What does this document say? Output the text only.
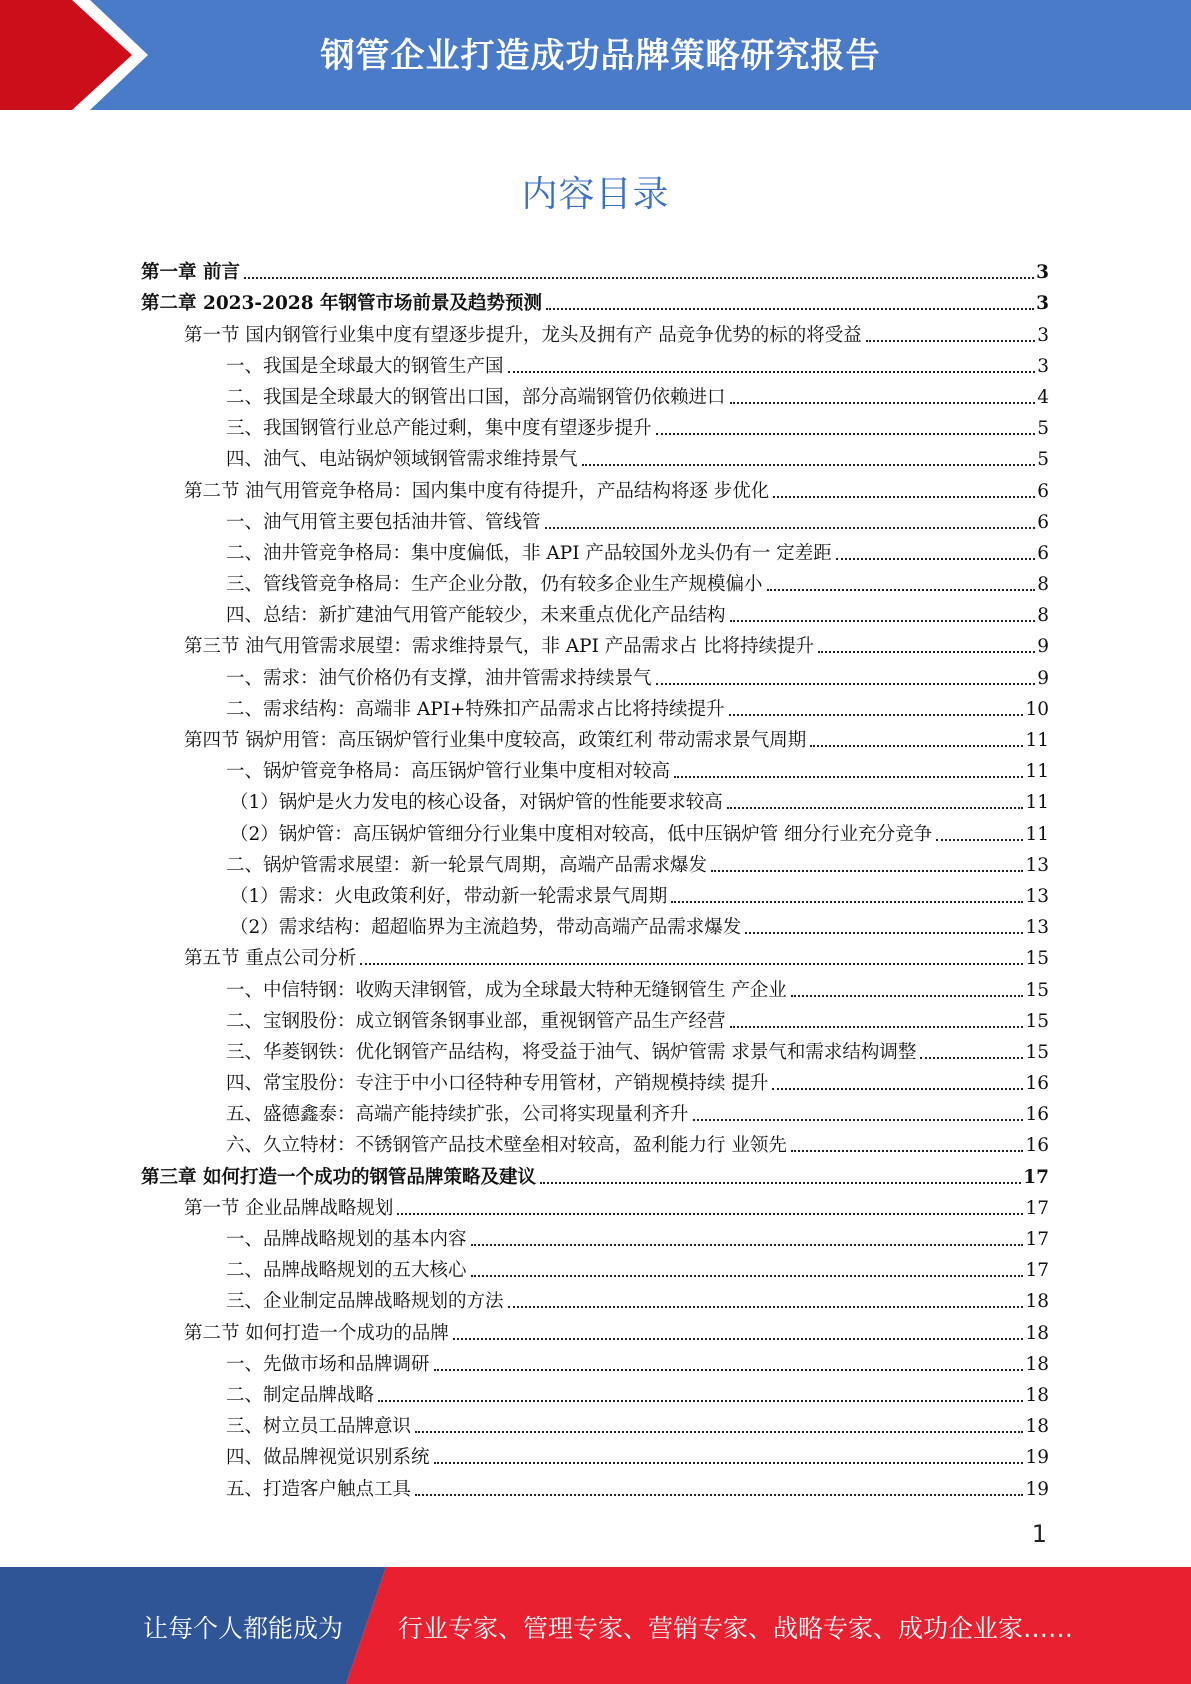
钢管企业打造成功品牌策略研究报告
内容目录
第一章 前言	3
第二章 2023-2028 年钢管市场前景及趋势预测	3
第一节 国内钢管行业集中度有望逐步提升，龙头及拥有产 品竞争优势的标的将受益	3
一、我国是全球最大的钢管生产国	3
二、我国是全球最大的钢管出口国，部分高端钢管仍依赖进口	4
三、我国钢管行业总产能过剩，集中度有望逐步提升	5
四、油气、电站锅炉领域钢管需求维持景气	5
第二节 油气用管竞争格局：国内集中度有待提升，产品结构将逐 步优化	6
一、油气用管主要包括油井管、管线管	6
二、油井管竞争格局：集中度偏低，非 API 产品较国外龙头仍有一 定差距	6
三、管线管竞争格局：生产企业分散，仍有较多企业生产规模偏小	8
四、总结：新扩建油气用管产能较少，未来重点优化产品结构	8
第三节 油气用管需求展望：需求维持景气，非 API 产品需求占 比将持续提升	9
一、需求：油气价格仍有支撑，油井管需求持续景气	9
二、需求结构：高端非 API+特殊扣产品需求占比将持续提升	10
第四节 锅炉用管：高压锅炉管行业集中度较高，政策红利 带动需求景气周期	11
一、锅炉管竞争格局：高压锅炉管行业集中度相对较高	11
（1）锅炉是火力发电的核心设备，对锅炉管的性能要求较高	11
（2）锅炉管：高压锅炉管细分行业集中度相对较高，低中压锅炉管 细分行业充分竞争	11
二、锅炉管需求展望：新一轮景气周期，高端产品需求爆发	13
（1）需求：火电政策利好，带动新一轮需求景气周期	13
（2）需求结构：超超临界为主流趋势，带动高端产品需求爆发	13
第五节 重点公司分析	15
一、中信特钢：收购天津钢管，成为全球最大特种无缝钢管生 产企业	15
二、宝钢股份：成立钢管条钢事业部，重视钢管产品生产经营	15
三、华菱钢铁：优化钢管产品结构，将受益于油气、锅炉管需 求景气和需求结构调整	15
四、常宝股份：专注于中小口径特种专用管材，产销规模持续 提升	16
五、盛德鑫泰：高端产能持续扩张，公司将实现量利齐升	16
六、久立特材：不锈钢管产品技术壁垒相对较高，盈利能力行 业领先	16
第三章 如何打造一个成功的钢管品牌策略及建议	17
第一节 企业品牌战略规划	17
一、品牌战略规划的基本内容	17
二、品牌战略规划的五大核心	17
三、企业制定品牌战略规划的方法	18
第二节 如何打造一个成功的品牌	18
一、先做市场和品牌调研	18
二、制定品牌战略	18
三、树立员工品牌意识	18
四、做品牌视觉识别系统	19
五、打造客户触点工具	19
1
让每个人都能成为 行业专家、管理专家、营销专家、战略专家、成功企业家……
